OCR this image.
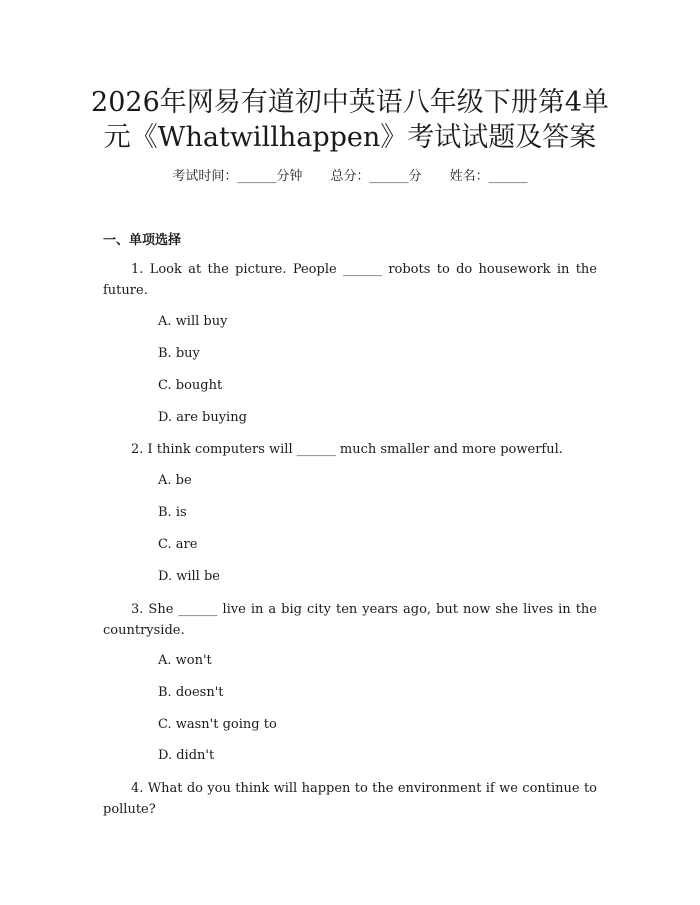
2026年网易有道初中英语八年级下册第4单
元《Whatwillhappen》考试试题及答案
考试时间：______分钟 总分：______分 姓名：______
一、单项选择
1. Look at the picture. People ______ robots to do housework in the future.
A. will buy
B. buy
C. bought
D. are buying
2. I think computers will ______ much smaller and more powerful.
A. be
B. is
C. are
D. will be
3. She ______ live in a big city ten years ago, but now she lives in the countryside.
A. won't
B. doesn't
C. wasn't going to
D. didn't
4. What do you think will happen to the environment if we continue to pollute?
